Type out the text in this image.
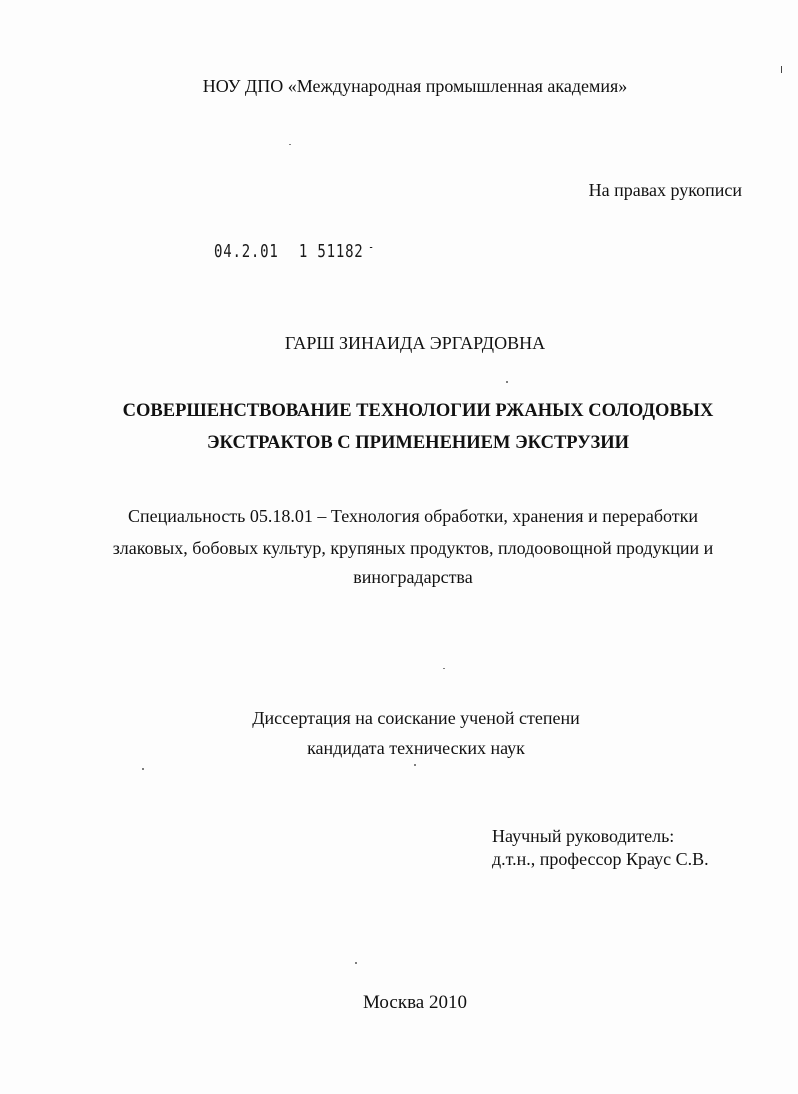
НОУ ДПО «Международная промышленная академия»
На правах рукописи
04.2.01 1 51182 -
ГАРШ ЗИНАИДА ЭРГАРДОВНА
СОВЕРШЕНСТВОВАНИЕ ТЕХНОЛОГИИ РЖАНЫХ СОЛОДОВЫХ
ЭКСТРАКТОВ С ПРИМЕНЕНИЕМ ЭКСТРУЗИИ
Специальность 05.18.01 – Технология обработки, хранения и переработки
злаковых, бобовых культур, крупяных продуктов, плодоовощной продукции и
виноградарства
Диссертация на соискание ученой степени
кандидата технических наук
Научный руководитель:
д.т.н., профессор Краус С.В.
Москва 2010
